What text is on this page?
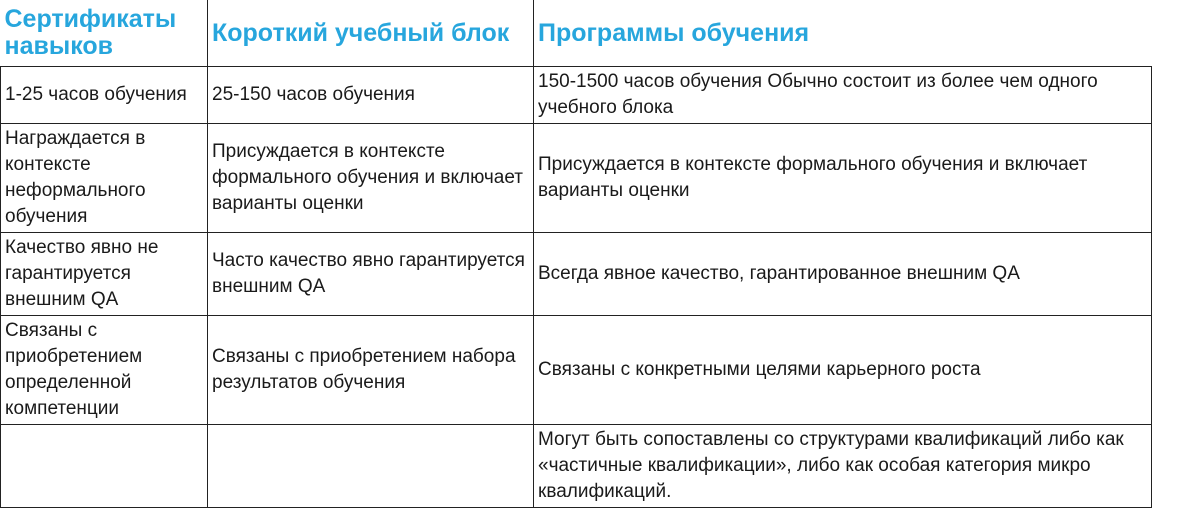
Сертификаты навыков	Короткий учебный блок	Программы обучения
1-25 часов обучения	25-150 часов обучения	150-1500 часов обучения Обычно состоит из более чем одного учебного блока
Награждается в контексте неформального обучения	Присуждается в контексте формального обучения и включает варианты оценки	Присуждается в контексте формального обучения и включает варианты оценки
Качество явно не гарантируется внешним QA	Часто качество явно гарантируется внешним QA	Всегда явное качество, гарантированное внешним QA
Связаны с приобретением определенной компетенции	Связаны с приобретением набора результатов обучения	Связаны с конкретными целями карьерного роста
		Могут быть сопоставлены со структурами квалификаций либо как «частичные квалификации», либо как особая категория микро квалификаций.
